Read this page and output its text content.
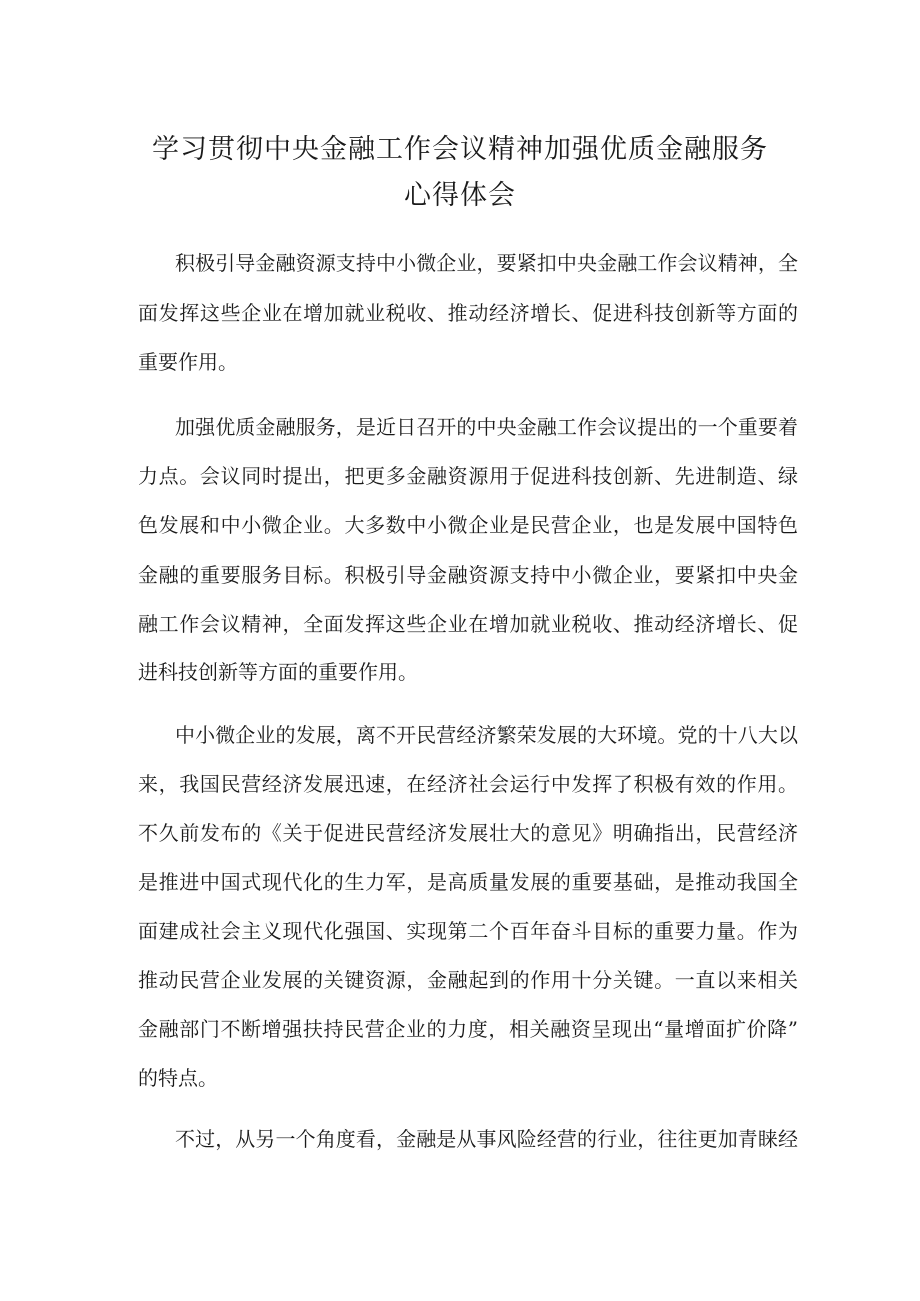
学习贯彻中央金融工作会议精神加强优质金融服务
心得体会
积极引导金融资源支持中小微企业，要紧扣中央金融工作会议精神，全
面发挥这些企业在增加就业税收、推动经济增长、促进科技创新等方面的
重要作用。
加强优质金融服务，是近日召开的中央金融工作会议提出的一个重要着
力点。会议同时提出，把更多金融资源用于促进科技创新、先进制造、绿
色发展和中小微企业。大多数中小微企业是民营企业，也是发展中国特色
金融的重要服务目标。积极引导金融资源支持中小微企业，要紧扣中央金
融工作会议精神，全面发挥这些企业在增加就业税收、推动经济增长、促
进科技创新等方面的重要作用。
中小微企业的发展，离不开民营经济繁荣发展的大环境。党的十八大以
来，我国民营经济发展迅速，在经济社会运行中发挥了积极有效的作用。
不久前发布的《关于促进民营经济发展壮大的意见》明确指出，民营经济
是推进中国式现代化的生力军，是高质量发展的重要基础，是推动我国全
面建成社会主义现代化强国、实现第二个百年奋斗目标的重要力量。作为
推动民营企业发展的关键资源，金融起到的作用十分关键。一直以来相关
金融部门不断增强扶持民营企业的力度，相关融资呈现出“量增面扩价降”
的特点。
不过，从另一个角度看，金融是从事风险经营的行业，往往更加青睐经
